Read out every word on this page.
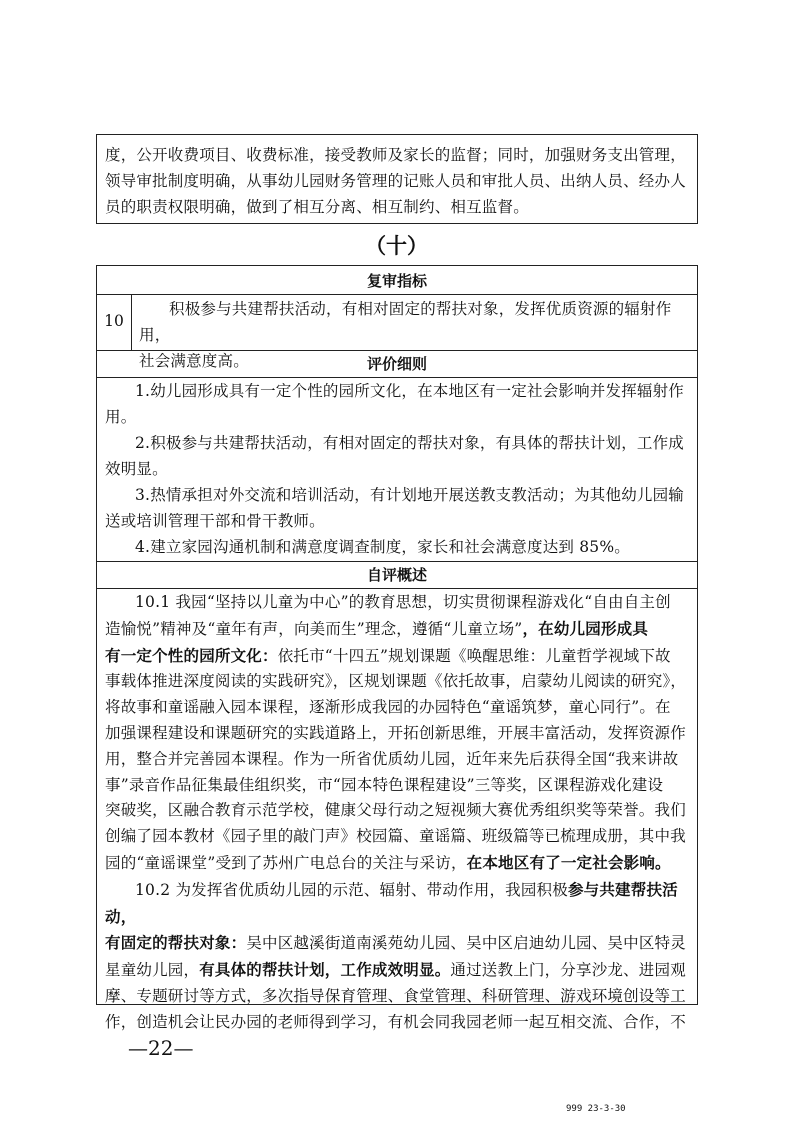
度，公开收费项目、收费标准，接受教师及家长的监督；同时，加强财务支出管理，
领导审批制度明确，从事幼儿园财务管理的记账人员和审批人员、出纳人员、经办人
员的职责权限明确，做到了相互分离、相互制约、相互监督。
（十）
复审指标
10
积极参与共建帮扶活动，有相对固定的帮扶对象，发挥优质资源的辐射作用，
社会满意度高。	评价细则
1.幼儿园形成具有一定个性的园所文化，在本地区有一定社会影响并发挥辐射作
用。
2.积极参与共建帮扶活动，有相对固定的帮扶对象，有具体的帮扶计划，工作成
效明显。
3.热情承担对外交流和培训活动，有计划地开展送教支教活动；为其他幼儿园输
送或培训管理干部和骨干教师。
4.建立家园沟通机制和满意度调查制度，家长和社会满意度达到 85%。
自评概述
10.1 我园“坚持以儿童为中心”的教育思想，切实贯彻课程游戏化“自由自主创
造愉悦”精神及“童年有声，向美而生”理念，遵循“儿童立场”，在幼儿园形成具
有一定个性的园所文化：依托市“十四五”规划课题《唤醒思维：儿童哲学视域下故
事载体推进深度阅读的实践研究》，区规划课题《依托故事，启蒙幼儿阅读的研究》，
将故事和童谣融入园本课程，逐渐形成我园的办园特色“童谣筑梦，童心同行”。在
加强课程建设和课题研究的实践道路上，开拓创新思维，开展丰富活动，发挥资源作
用，整合并完善园本课程。作为一所省优质幼儿园，近年来先后获得全国“我来讲故
事”录音作品征集最佳组织奖，市“园本特色课程建设”三等奖，区课程游戏化建设
突破奖，区融合教育示范学校，健康父母行动之短视频大赛优秀组织奖等荣誉。我们
创编了园本教材《园子里的敲门声》校园篇、童谣篇、班级篇等已梳理成册，其中我
园的“童谣课堂”受到了苏州广电总台的关注与采访，在本地区有了一定社会影响。
10.2 为发挥省优质幼儿园的示范、辐射、带动作用，我园积极参与共建帮扶活动，
有固定的帮扶对象：吴中区越溪街道南溪苑幼儿园、吴中区启迪幼儿园、吴中区特灵
星童幼儿园，有具体的帮扶计划，工作成效明显。通过送教上门，分享沙龙、进园观
摩、专题研讨等方式，多次指导保育管理、食堂管理、科研管理、游戏环境创设等工
作，创造机会让民办园的老师得到学习，有机会同我园老师一起互相交流、合作，不
—22—
999 23-3-30
